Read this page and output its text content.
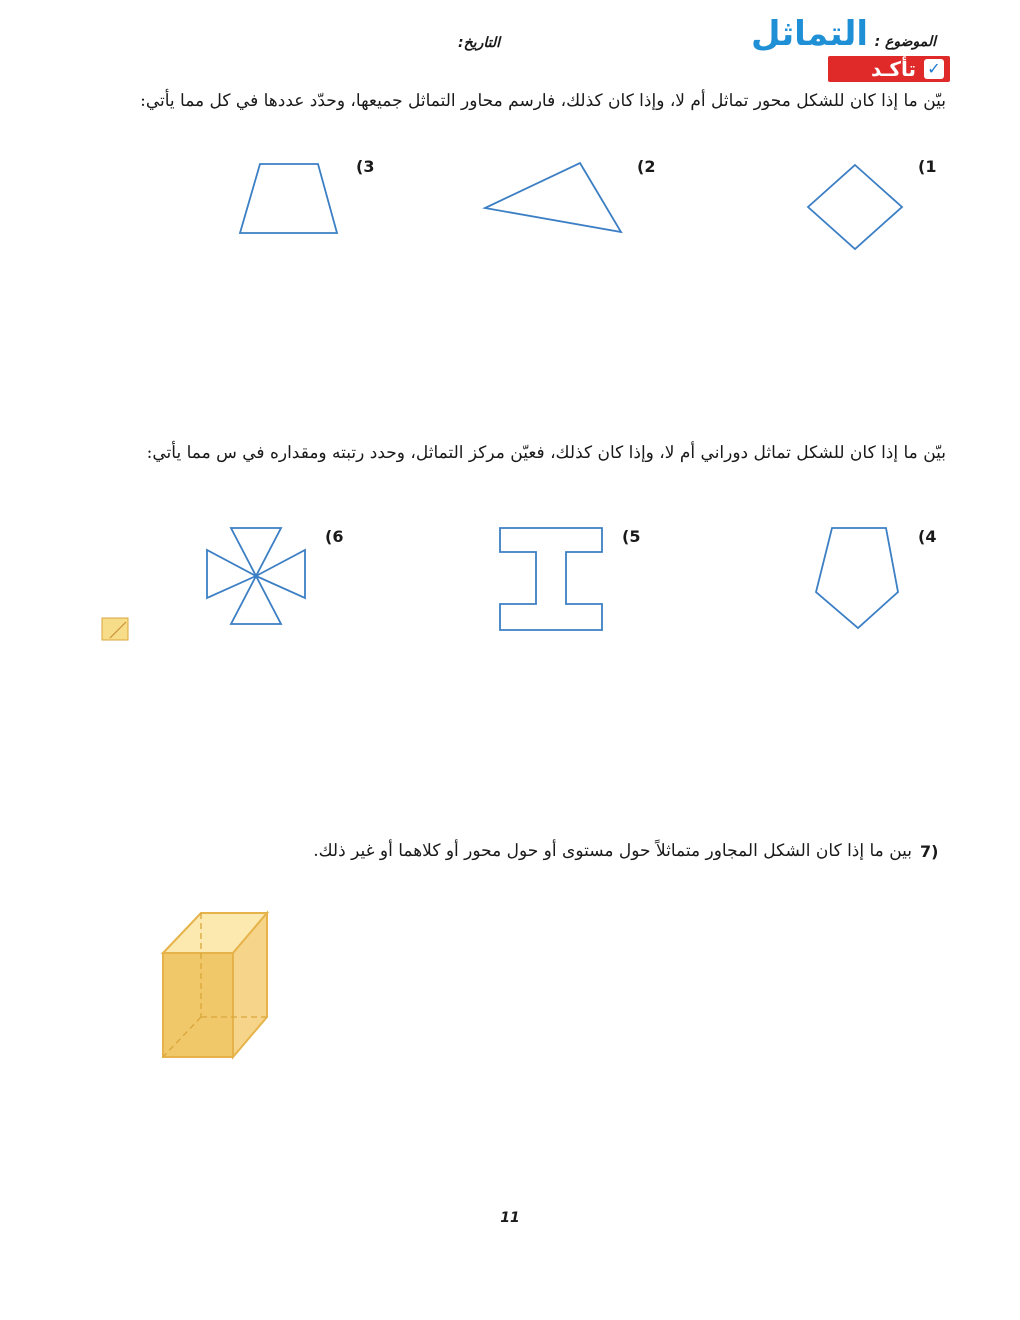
الموضوع :
التماثل
التاريخ:
✓
تأكـد
بيّن ما إذا كان للشكل محور تماثل أم لا، وإذا كان كذلك، فارسم محاور التماثل جميعها، وحدّد عددها في كل مما يأتي:
(1
(2
(3
بيّن ما إذا كان للشكل تماثل دوراني أم لا، وإذا كان كذلك، فعيّن مركز التماثل، وحدد رتبته ومقداره في س مما يأتي:
(4
(5
(6
7)
بين ما إذا كان الشكل المجاور متماثلاً حول مستوى أو حول محور أو كلاهما أو غير ذلك.
11
